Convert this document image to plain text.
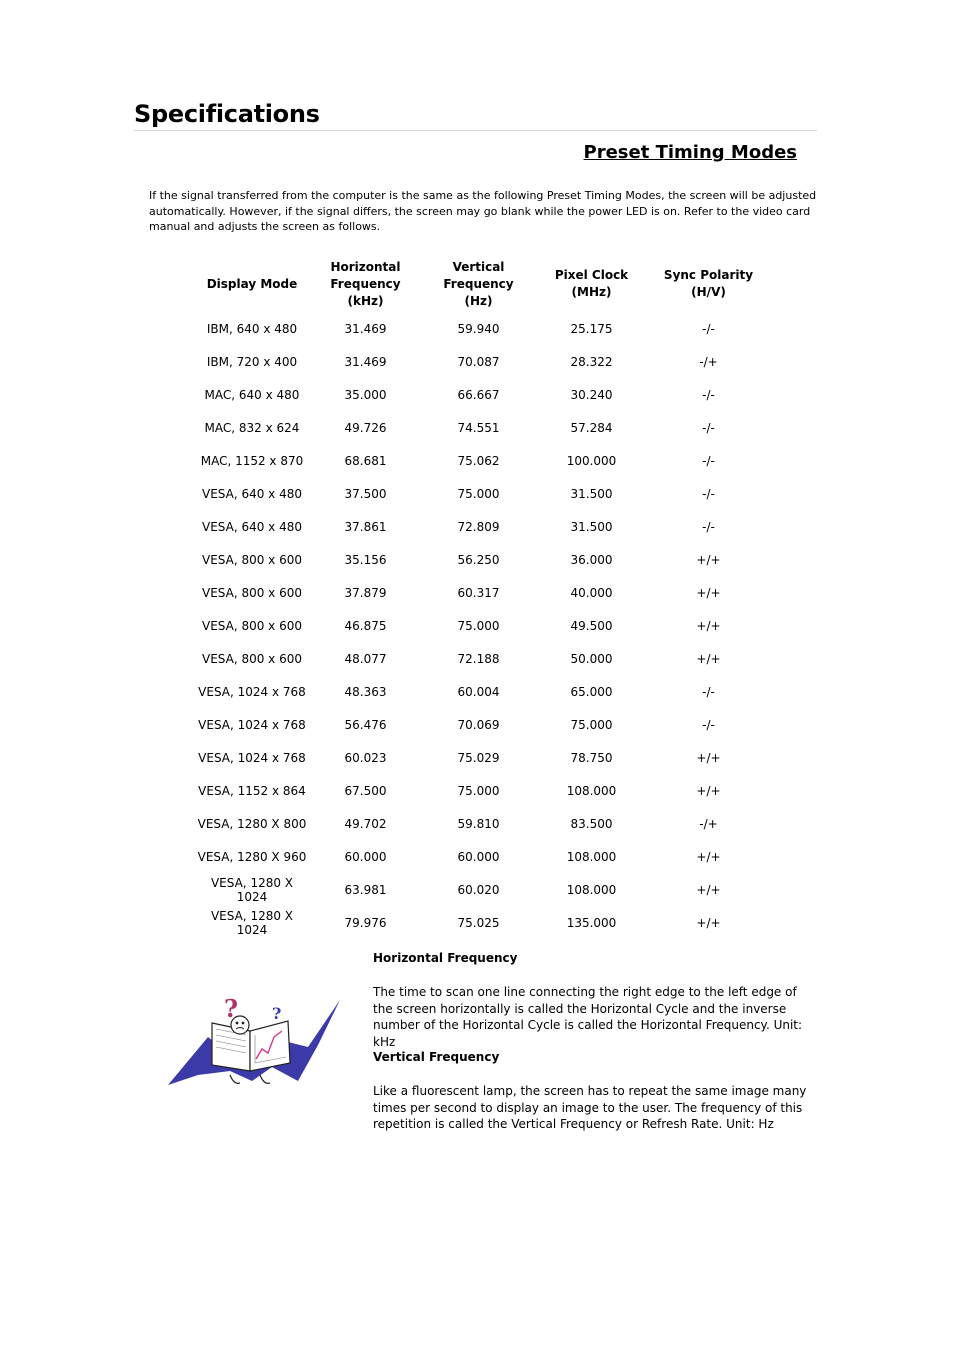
Specifications
Preset Timing Modes

If the signal transferred from the computer is the same as the following Preset Timing Modes, the screen will be adjusted automatically. However, if the signal differs, the screen may go blank while the power LED is on. Refer to the video card manual and adjusts the screen as follows.

Display Mode	Horizontal Frequency (kHz)	Vertical Frequency (Hz)	Pixel Clock (MHz)	Sync Polarity (H/V)
IBM, 640 x 480	31.469	59.940	25.175	-/-
IBM, 720 x 400	31.469	70.087	28.322	-/+
MAC, 640 x 480	35.000	66.667	30.240	-/-
MAC, 832 x 624	49.726	74.551	57.284	-/-
MAC, 1152 x 870	68.681	75.062	100.000	-/-
VESA, 640 x 480	37.500	75.000	31.500	-/-
VESA, 640 x 480	37.861	72.809	31.500	-/-
VESA, 800 x 600	35.156	56.250	36.000	+/+
VESA, 800 x 600	37.879	60.317	40.000	+/+
VESA, 800 x 600	46.875	75.000	49.500	+/+
VESA, 800 x 600	48.077	72.188	50.000	+/+
VESA, 1024 x 768	48.363	60.004	65.000	-/-
VESA, 1024 x 768	56.476	70.069	75.000	-/-
VESA, 1024 x 768	60.023	75.029	78.750	+/+
VESA, 1152 x 864	67.500	75.000	108.000	+/+
VESA, 1280 X 800	49.702	59.810	83.500	-/+
VESA, 1280 X 960	60.000	60.000	108.000	+/+
VESA, 1280 X 1024	63.981	60.020	108.000	+/+
VESA, 1280 X 1024	79.976	75.025	135.000	+/+
? ?
Horizontal Frequency

The time to scan one line connecting the right edge to the left edge of the screen horizontally is called the Horizontal Cycle and the inverse number of the Horizontal Cycle is called the Horizontal Frequency. Unit: kHz

Vertical Frequency

Like a fluorescent lamp, the screen has to repeat the same image many times per second to display an image to the user. The frequency of this repetition is called the Vertical Frequency or Refresh Rate. Unit: Hz
